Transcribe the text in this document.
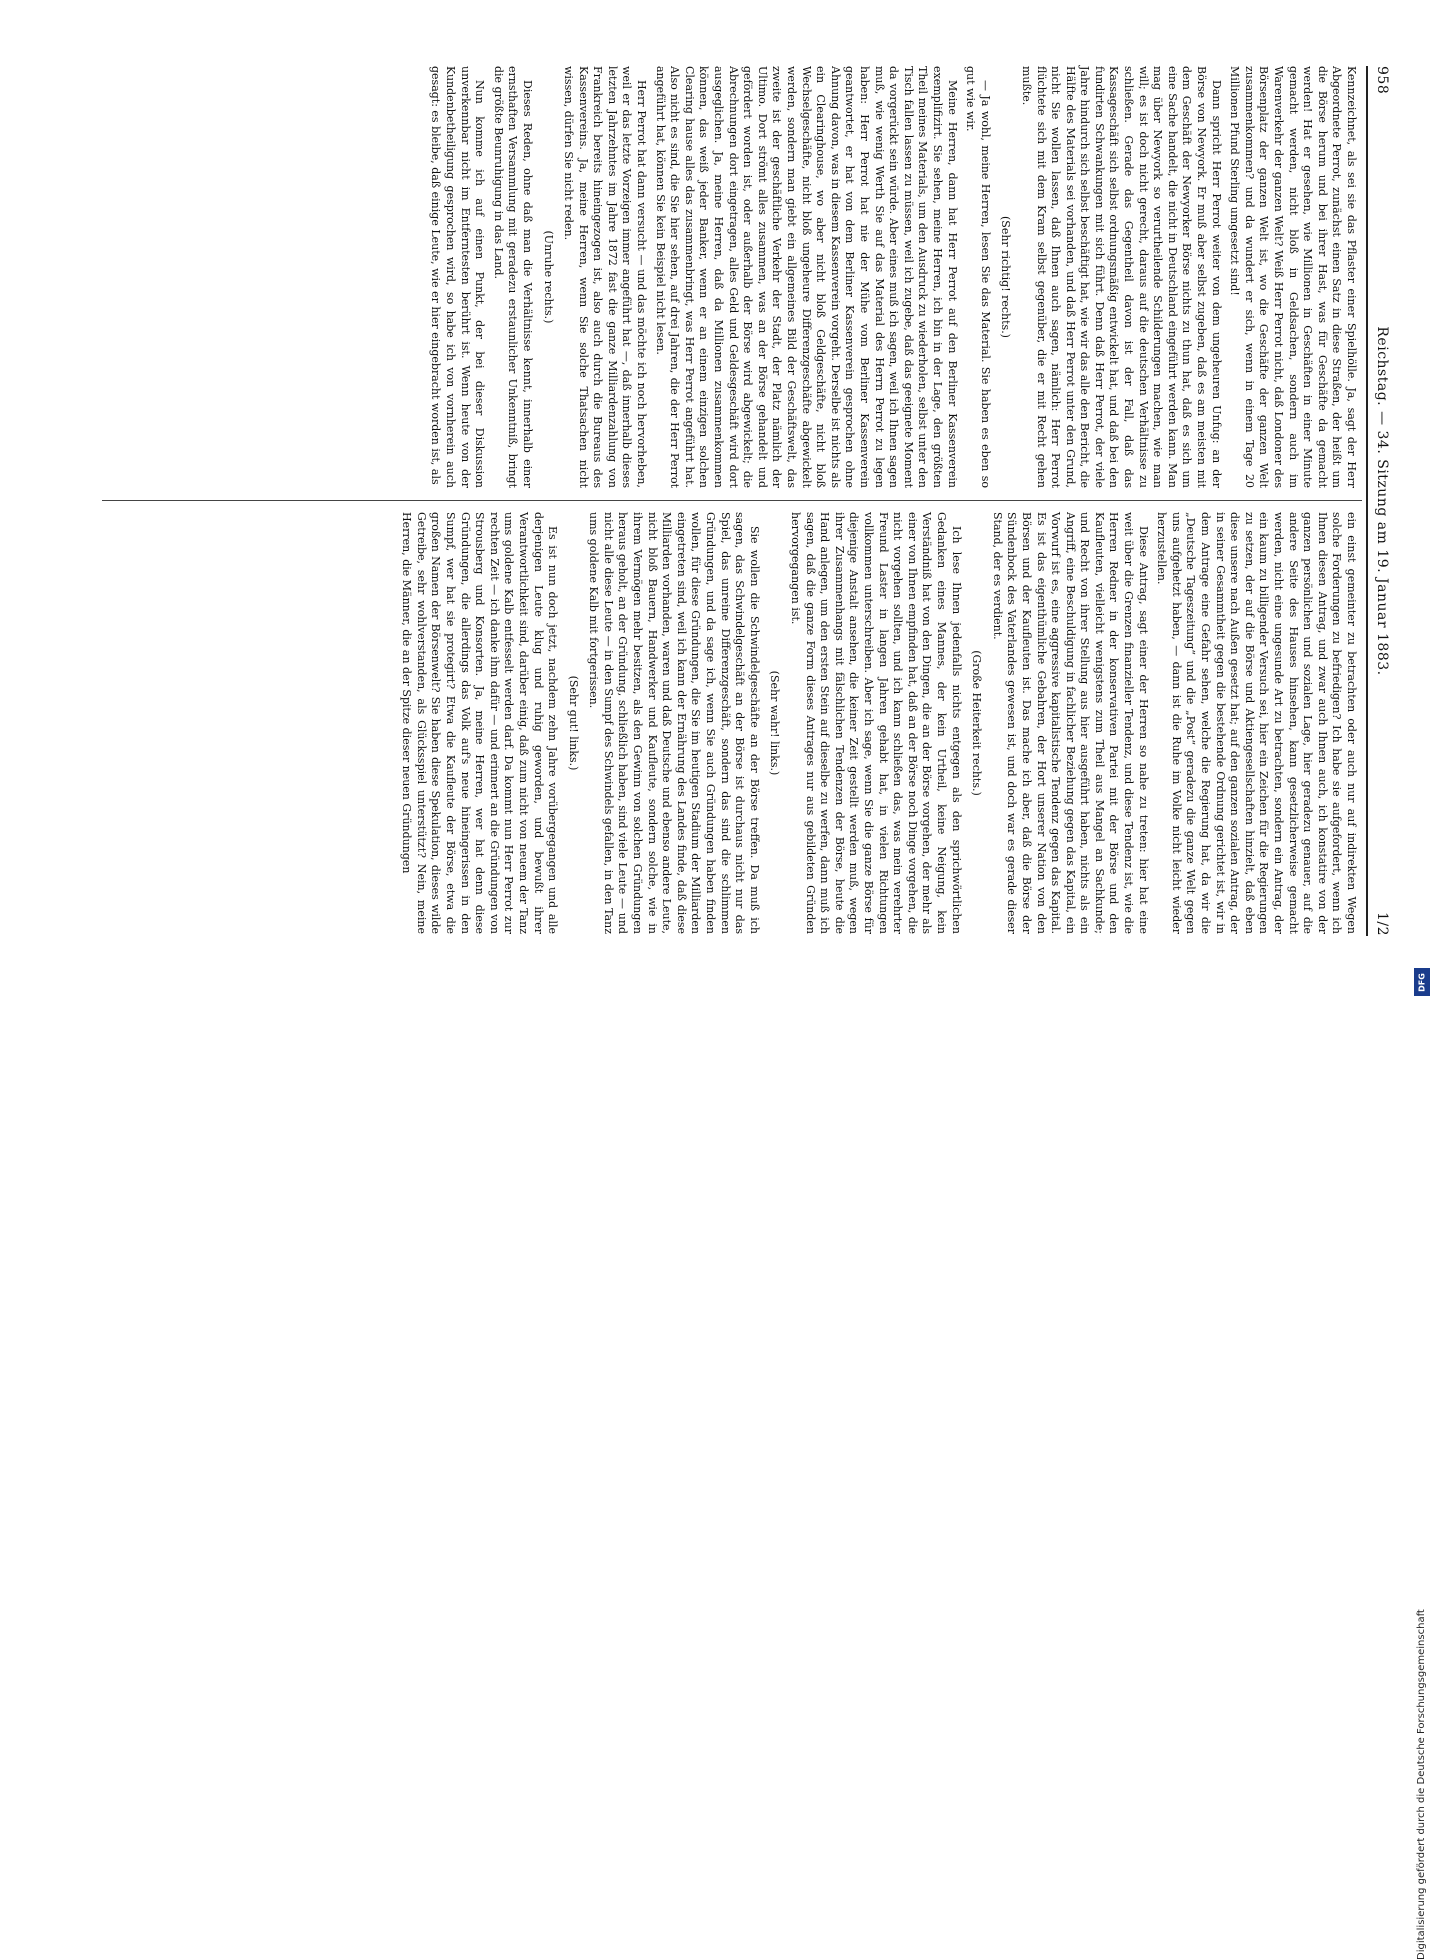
958
Reichstag. — 34. Sitzung am 19. Januar 1883.
1/2

Kennzeichnet, als sei sie das Pflaster einer Spielhölle. Ja, sagt der Herr Abgeordnete Perrot, zunächst einen Satz in diese Straßen, der heißt um die Börse herum und bei ihrer Hast, was für Geschäfte da gemacht werden! Hat er gesehen, wie Millionen in Geschäften in einer Minute gemacht werden, nicht bloß in Geldsachen, sondern auch im Warenverkehr der ganzen Welt? Weiß Herr Perrot nicht, daß Londoner des Börsenplatz der ganzen Welt ist, wo die Geschäfte der ganzen Welt zusammenkommen? und da wundert er sich, wenn in einem Tage 20 Millionen Pfund Sterling umgesetzt sind!

Dann spricht Herr Perrot weiter von dem ungeheuren Unfug: an der Börse von Newyork. Er muß aber selbst zugeben, daß es am meisten mit dem Geschäft der Newyorker Börse nichts zu thun hat, daß es sich um eine Sache handelt, die nicht in Deutschland eingeführt werden kann. Man mag über Newyork so verurtheilende Schilderungen machen, wie man will; es ist doch nicht gerecht, daraus auf die deutschen Verhältnisse zu schließen. Gerade das Gegentheil davon ist der Fall, daß das Kassageschäft sich selbst ordnungsmäßig entwickelt hat, und daß bei den fundirten Schwankungen mit sich führt. Denn daß Herr Perrot, der viele Jahre hindurch sich selbst beschäftigt hat, wie wir das alle den Bericht, die Hälfte des Materials sei vorhanden, und daß Herr Perrot unter den Grund, nicht Sie wollen lassen, daß Ihnen auch sagen, nämlich: Herr Perrot flüchtete sich mit dem Kram selbst gegenüber, die er mit Recht gehen mußte.

(Sehr richtig! rechts.)

— Ja wohl, meine Herren, lesen Sie das Material. Sie haben es eben so gut wie wir.

Meine Herren, dann hat Herr Perrot auf den Berliner Kassenverein exemplifizirt. Sie sehen, meine Herren, ich bin in der Lage, den größten Theil meines Materials, um den Ausdruck zu wiederholen, selbst unter den Tisch fallen lassen zu müssen, weil ich zugebe, daß das geeignete Moment da vorgerückt sein würde. Aber eines muß ich sagen, weil ich Ihnen sagen muß, wie wenig Werth Sie auf das Material des Herrn Perrot zu legen haben: Herr Perrot hat nie der Mühe vom Berliner Kassenverein geantwortet, er hat von dem Berliner Kassenverein gesprochen ohne Ahnung davon, was in diesem Kassenverein vorgeht. Derselbe ist nichts als ein Clearinghouse, wo aber nicht bloß Geldgeschäfte, nicht bloß Wechselgeschäfte, nicht bloß ungeheure Differenzgeschäfte abgewickelt werden, sondern man giebt ein allgemeines Bild der Geschäftswelt, das zweite ist der geschäftliche Verkehr der Stadt, der Platz nämlich der Ultimo. Dort strömt alles zusammen, was an der Börse gehandelt und gefördert worden ist, oder außerhalb der Börse wird abgewickelt; die Abrechnungen dort eingetragen, alles Geld und Geldesgeschäft wird dort ausgeglichen. Ja, meine Herren, daß da Millionen zusammenkommen können, das weiß jeder Banker, wenn er an einem einzigen solchen Clearing hause alles das zusammenbringt, was Herr Perrot angeführt hat. Also nicht es sind, die Sie hier sehen, auf drei Jahren, die der Herr Perrot angeführt hat, können Sie kein Beispiel nicht lesen.

Herr Perrot hat dann versucht — und das möchte ich noch hervorheben, weil er das letzte Vorzeigen immer angeführt hat —, daß innerhalb dieses letzten Jahrzehntes im Jahre 1872 fast die ganze Milliardenzahlung von Frankreich bereits hineingezogen ist, also auch durch die Bureaus des Kassenvereins. Ja, meine Herren, wenn Sie solche Thatsachen nicht wissen, dürfen Sie nicht reden.

(Unruhe rechts.)

Dieses Reden, ohne daß man die Verhältnisse kennt, innerhalb einer ernsthaften Versammlung mit geradezu erstaunlicher Unkenntniß, bringt die größte Beunruhigung in das Land.

Nun komme ich auf einen Punkt, der bei dieser Diskussion unverkennbar nicht im Entferntesten berührt ist. Wenn heute von der Kundenbetheiligung gesprochen wird, so habe ich von vornherein auch gesagt: es bleibe, daß einige Leute, wie er hier eingebracht worden ist, als

ein einst gemeinter zu betrachten oder auch nur auf indirekten Wegen solche Forderungen zu befriedigen? Ich habe sie aufgefordert, wenn ich Ihnen diesen Antrag, und zwar auch Ihnen auch, ich konstatire von der ganzen persönlichen und sozialen Lage, hier geradezu genauer, auf die andere Seite des Hauses hinsehen, kann gesetzlicherweise gemacht werden, nicht eine ungesunde Art zu betrachten, sondern ein Antrag, der ein kaum zu billigender Versuch sei, hier ein Zeichen für die Regierungen zu setzen, der auf die Börse und Aktiengesellschaften hinzielt, daß eben diese unsere nach Außen gesetzt hat; auf den ganzen sozialen Antrag, der in seiner Gesammtheit gegen die bestehende Ordnung gerichtet ist, wir in dem Antrage eine Gefahr sehen, welche die Regierung hat, da wir die „Deutsche Tageszeitung“ und die „Post“ geradezu die ganze Welt gegen uns aufgehetzt haben, — dann ist die Ruhe im Volke nicht leicht wieder herzustellen.

Diese Antrag, sagt einer der Herren so nahe zu treten: hier hat eine weit über die Grenzen finanzieller Tendenz, und diese Tendenz ist, wie die Herren Redner in der konservativen Partei mit der Börse und den Kaufleuten, vielleicht wenigstens zum Theil aus Mangel an Sachkunde; und Recht von ihrer Stellung aus hier ausgeführt haben, nichts als ein Angriff, eine Beschuldigung in fachlicher Beziehung gegen das Kapital, ein Vorwurf ist es, eine aggressive kapitalistische Tendenz gegen das Kapital. Es ist das eigenthümliche Gebahren, der Hort unserer Nation von den Börsen und der Kaufleuten ist. Das mache ich aber, daß die Börse der Sündenbock des Vaterlandes gewesen ist, und doch war es gerade dieser Stand, der es verdient.

(Große Heiterkeit rechts.)

Ich lese Ihnen jedenfalls nichts entgegen als den sprichwörtlichen Gedanken eines Mannes, der kein Urtheil, keine Neigung, kein Verständniß hat von den Dingen, die an der Börse vorgehen, der mehr als einer von Ihnen empfinden hat, daß an der Börse noch Dinge vorgehen, die nicht vorgehen sollten, und ich kann schließen das, was mein verehrter Freund Laster in langen Jahren gehabt hat, in vielen Richtungen vollkommen unterschreiben. Aber ich sage, wenn Sie die ganze Börse für diejenige Anstalt ansehen, die keiner Zeit gestellt werden muß, wegen ihrer Zusammenhangs mit fälschlichen Tendenzen der Börse, heute die Hand anlegen, um den ersten Stein auf dieselbe zu werfen, dann muß ich sagen, daß die ganze Form dieses Antrages nur aus gebildeten Gründen hervorgegangen ist.

(Sehr wahr! links.)

Sie wollen die Schwindelgeschäfte an der Börse treffen. Da muß ich sagen, das Schwindelgeschäft an der Börse ist durchaus nicht nur das Spiel, das unreine Differenzgeschäft, sondern das sind die schlimmen Gründungen, und da sage ich, wenn Sie auch Gründungen haben finden wollen, für diese Gründungen, die Sie im heutigen Stadium der Milliarden eingetreten sind, weil ich kann der Ernährung des Landes finde, daß diese Milliarden vorhanden, waren und daß Deutsche und ebenso andere Leute, nicht bloß Bauern, Handwerker und Kaufleute, sondern solche, wie in ihrem Vermögen mehr besitzen, als den Gewinn von solchen Gründungen heraus geholt, an der Gründung, schließlich haben, sind viele Leute — und nicht alle diese Leute — in den Sumpf des Schwindels gefallen, in den Tanz ums goldene Kalb mit fortgerissen.

(Sehr gut! links.)

Es ist nun doch jetzt, nachdem zehn Jahre vorübergegangen und alle derjenigen Leute klug und ruhig geworden, und bewußt ihrer Verantwortlichkeit sind, darüber einig, daß zum nicht von neuem der Tanz ums goldene Kalb entfesselt werden darf. Da kommt nun Herr Perrot zur rechten Zeit — ich danke ihm dafür — und erinnert an die Gründungen von Strousberg und Konsorten. Ja, meine Herren, wer hat denn diese Gründungen, die allerdings das Volk auf's neue hineingerissen in den Sumpf, wer hat sie protegirt? Etwa die Kaufleute der Börse, etwa die großen Namen der Börsenwelt? Sie haben diese Spekulation, dieses wilde Getreibe, sehr wohlverstanden, als Glücksspiel unterstützt? Nein, meine Herren, die Männer, die an der Spitze dieser neuen Gründungen

Digitalisierung gefördert durch die Deutsche Forschungsgemeinschaft
DFG
